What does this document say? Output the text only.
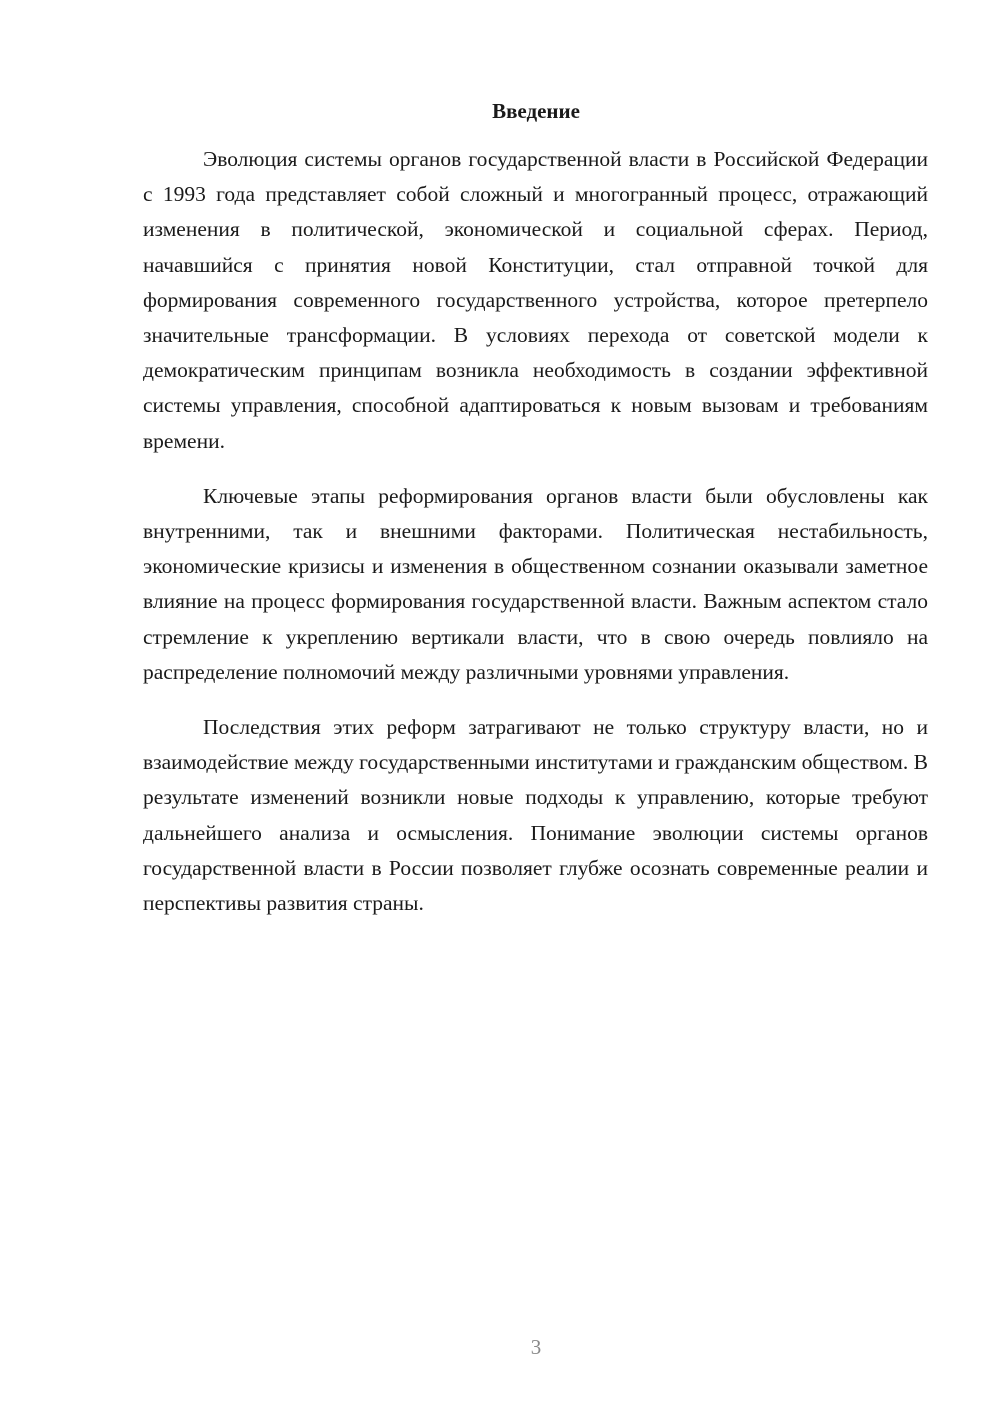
Введение

Эволюция системы органов государственной власти в Российской Федерации с 1993 года представляет собой сложный и многогранный процесс, отражающий изменения в политической, экономической и социальной сферах. Период, начавшийся с принятия новой Конституции, стал отправной точкой для формирования современного государственного устройства, которое претерпело значительные трансформации. В условиях перехода от советской модели к демократическим принципам возникла необходимость в создании эффективной системы управления, способной адаптироваться к новым вызовам и требованиям времени.

Ключевые этапы реформирования органов власти были обусловлены как внутренними, так и внешними факторами. Политическая нестабильность, экономические кризисы и изменения в общественном сознании оказывали заметное влияние на процесс формирования государственной власти. Важным аспектом стало стремление к укреплению вертикали власти, что в свою очередь повлияло на распределение полномочий между различными уровнями управления.

Последствия этих реформ затрагивают не только структуру власти, но и взаимодействие между государственными институтами и гражданским обществом. В результате изменений возникли новые подходы к управлению, которые требуют дальнейшего анализа и осмысления. Понимание эволюции системы органов государственной власти в России позволяет глубже осознать современные реалии и перспективы развития страны.

3
